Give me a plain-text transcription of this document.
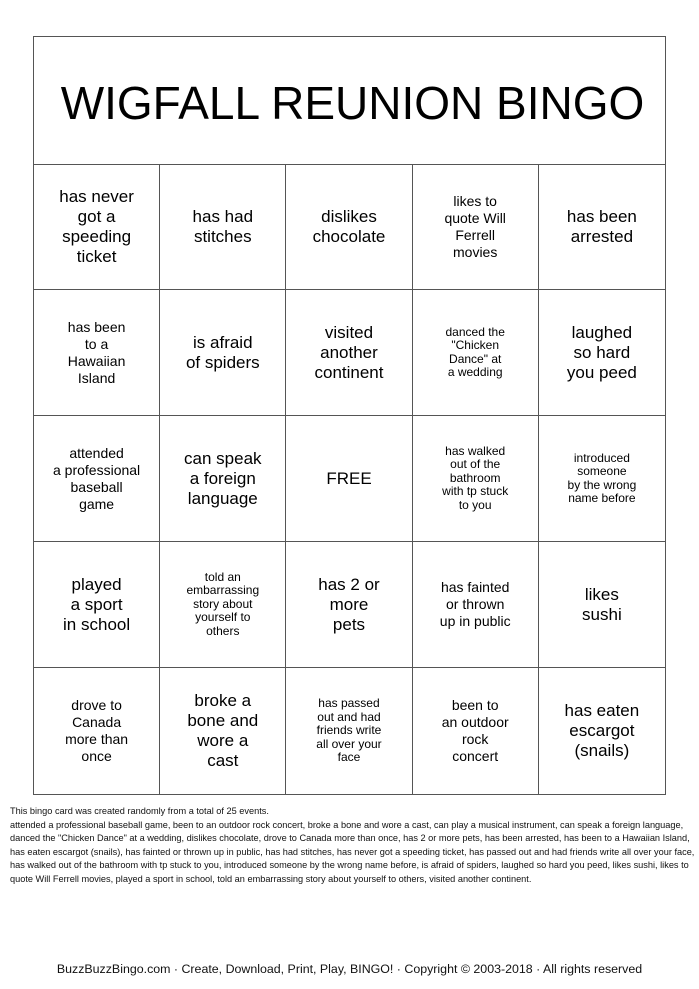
WIGFALL REUNION BINGO
has never
got a
speeding
ticket
has had
stitches
dislikes
chocolate
likes to
quote Will
Ferrell
movies
has been
arrested
has been
to a
Hawaiian
Island
is afraid
of spiders
visited
another
continent
danced the
"Chicken
Dance" at
a wedding
laughed
so hard
you peed
attended
a professional
baseball
game
can speak
a foreign
language
FREE
has walked
out of the
bathroom
with tp stuck
to you
introduced
someone
by the wrong
name before
played
a sport
in school
told an
embarrassing
story about
yourself to
others
has 2 or
more
pets
has fainted
or thrown
up in public
likes
sushi
drove to
Canada
more than
once
broke a
bone and
wore a
cast
has passed
out and had
friends write
all over your
face
been to
an outdoor
rock
concert
has eaten
escargot
(snails)

This bingo card was created randomly from a total of 25 events.

attended a professional baseball game, been to an outdoor rock concert, broke a bone and wore a cast, can play a musical instrument, can speak a foreign language, danced the "Chicken Dance" at a wedding, dislikes chocolate, drove to Canada more than once, has 2 or more pets, has been arrested, has been to a Hawaiian Island, has eaten escargot (snails), has fainted or thrown up in public, has had stitches, has never got a speeding ticket, has passed out and had friends write all over your face, has walked out of the bathroom with tp stuck to you, introduced someone by the wrong name before, is afraid of spiders, laughed so hard you peed, likes sushi, likes to quote Will Ferrell movies, played a sport in school, told an embarrassing story about yourself to others, visited another continent.

BuzzBuzzBingo.com · Create, Download, Print, Play, BINGO! · Copyright © 2003-2018 · All rights reserved
